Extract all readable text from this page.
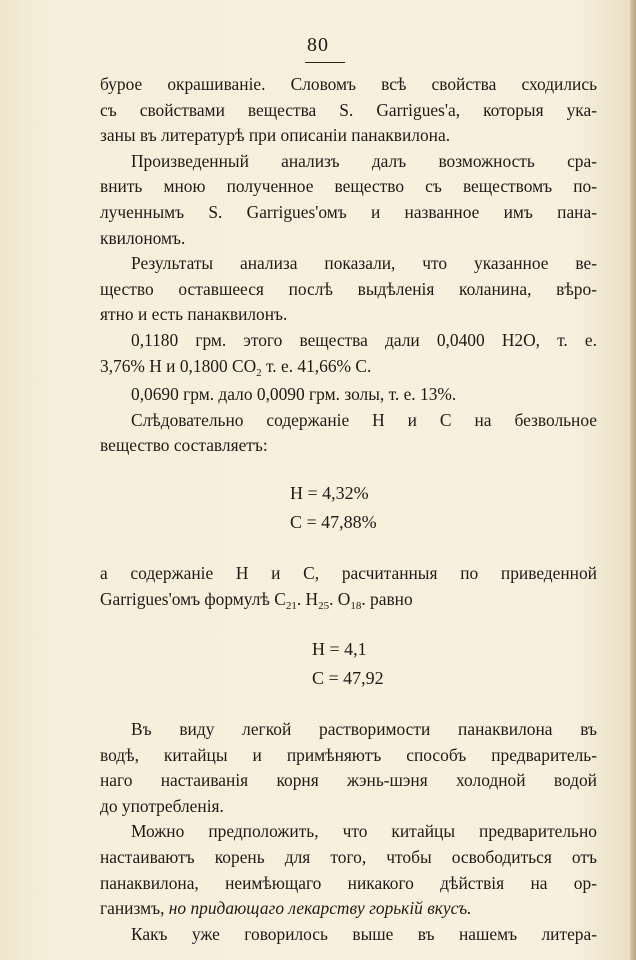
80

бурое окрашиванiе. Словомъ всѣ свойства сходились

съ свойствами вещества S. Garrigues'a, которыя ука-

заны въ литературѣ при описанiи панаквилона.

Произведенный анализъ далъ возможность сра-

внить мною полученное вещество съ веществомъ по-

лученнымъ S. Garrigues'омъ и названное имъ пана-

квилономъ.

Результаты анализа показали, что указанное ве-

щество оставшееся послѣ выдѣленiя коланина, вѣро-

ятно и есть панаквилонъ.

0,1180 грм. этого вещества дали 0,0400 H2O, т. е.

3,76% Н и 0,1800 $СО_2$ т. е. 41,66% С.

0,0690 грм. дало 0,0090 грм. золы, т. е. 13%.

Слѣдовательно содержанiе Н и С на безвольное

вещество составляетъ:

Н = 4,32%
С = 47,88%

а содержанiе Н и С, расчитанныя по приведенной

Garrigues'омъ формулѣ $С_{21}$. $Н_{25}$. $О_{18}$. равно

Н = 4,1
С = 47,92

Въ виду легкой растворимости панаквилона въ

водѣ, китайцы и примѣняютъ способъ предваритель-

наго настаиванiя корня жэнь-шэня холодной водой

до употребленiя.

Можно предположить, что китайцы предварительно

настаиваютъ корень для того, чтобы освободиться отъ

панаквилона, неимѣющаго никакого дѣйствiя на ор-

ганизмъ, но придающаго лекарству горькiй вкусъ.

Какъ уже говорилось выше въ нашемъ литера-
